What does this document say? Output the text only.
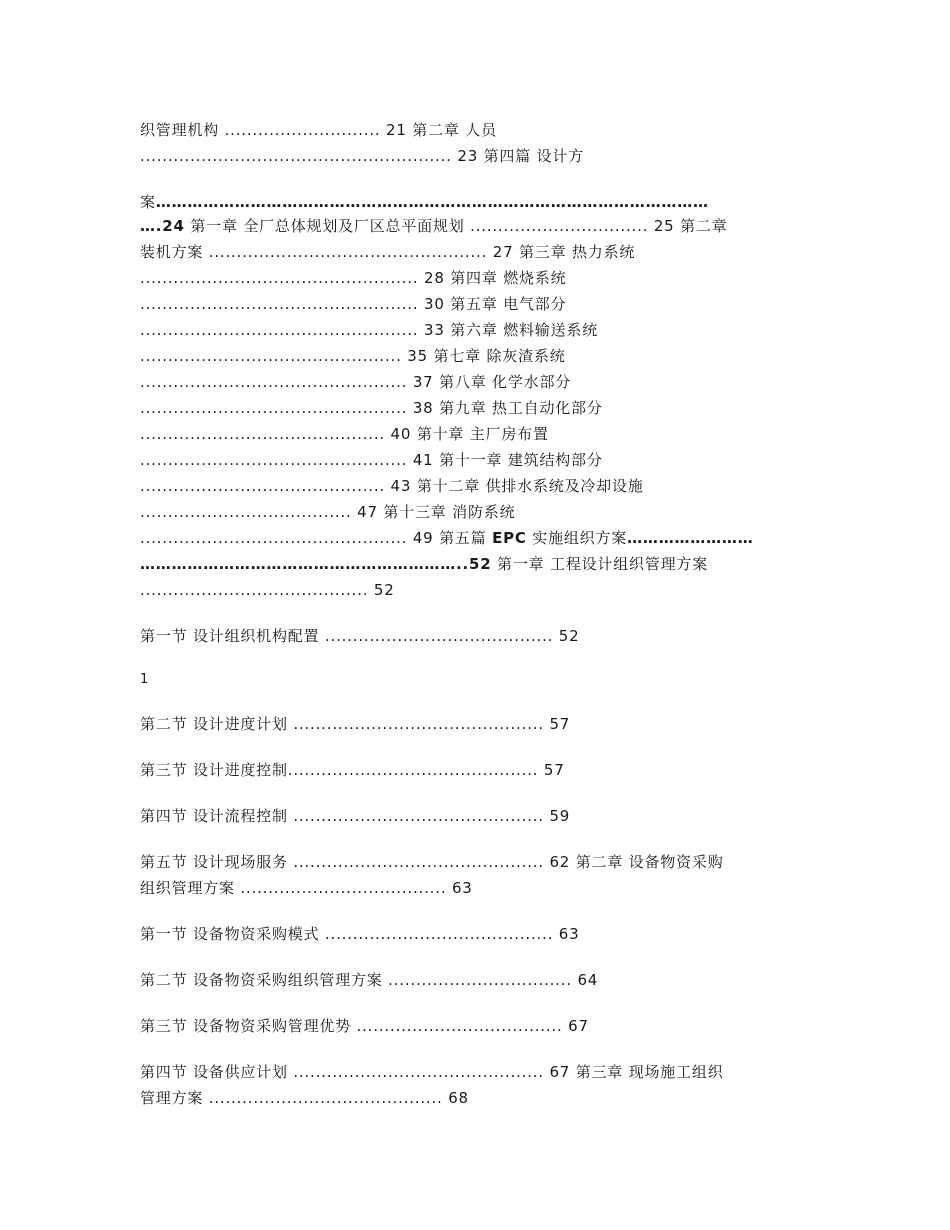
织管理机构 ............................ 21 第二章 人员
........................................................ 23 第四篇 设计方
案……………………………………………………………………………………………
….24 第一章 全厂总体规划及厂区总平面规划 ................................ 25 第二章
装机方案 .................................................. 27 第三章 热力系统
.................................................. 28 第四章 燃烧系统
.................................................. 30 第五章 电气部分
.................................................. 33 第六章 燃料输送系统
............................................... 35 第七章 除灰渣系统
................................................ 37 第八章 化学水部分
................................................ 38 第九章 热工自动化部分
............................................ 40 第十章 主厂房布置
................................................ 41 第十一章 建筑结构部分
............................................ 43 第十二章 供排水系统及冷却设施
...................................... 47 第十三章 消防系统
................................................ 49 第五篇 EPC 实施组织方案……………………
……………………………………………………..52 第一章 工程设计组织管理方案
......................................... 52
第一节 设计组织机构配置 ......................................... 52
1
第二节 设计进度计划 ............................................. 57
第三节 设计进度控制............................................. 57
第四节 设计流程控制 ............................................. 59
第五节 设计现场服务 ............................................. 62 第二章 设备物资采购
组织管理方案 ..................................... 63
第一节 设备物资采购模式 ......................................... 63
第二节 设备物资采购组织管理方案 ................................. 64
第三节 设备物资采购管理优势 ..................................... 67
第四节 设备供应计划 ............................................. 67 第三章 现场施工组织
管理方案 .......................................... 68
